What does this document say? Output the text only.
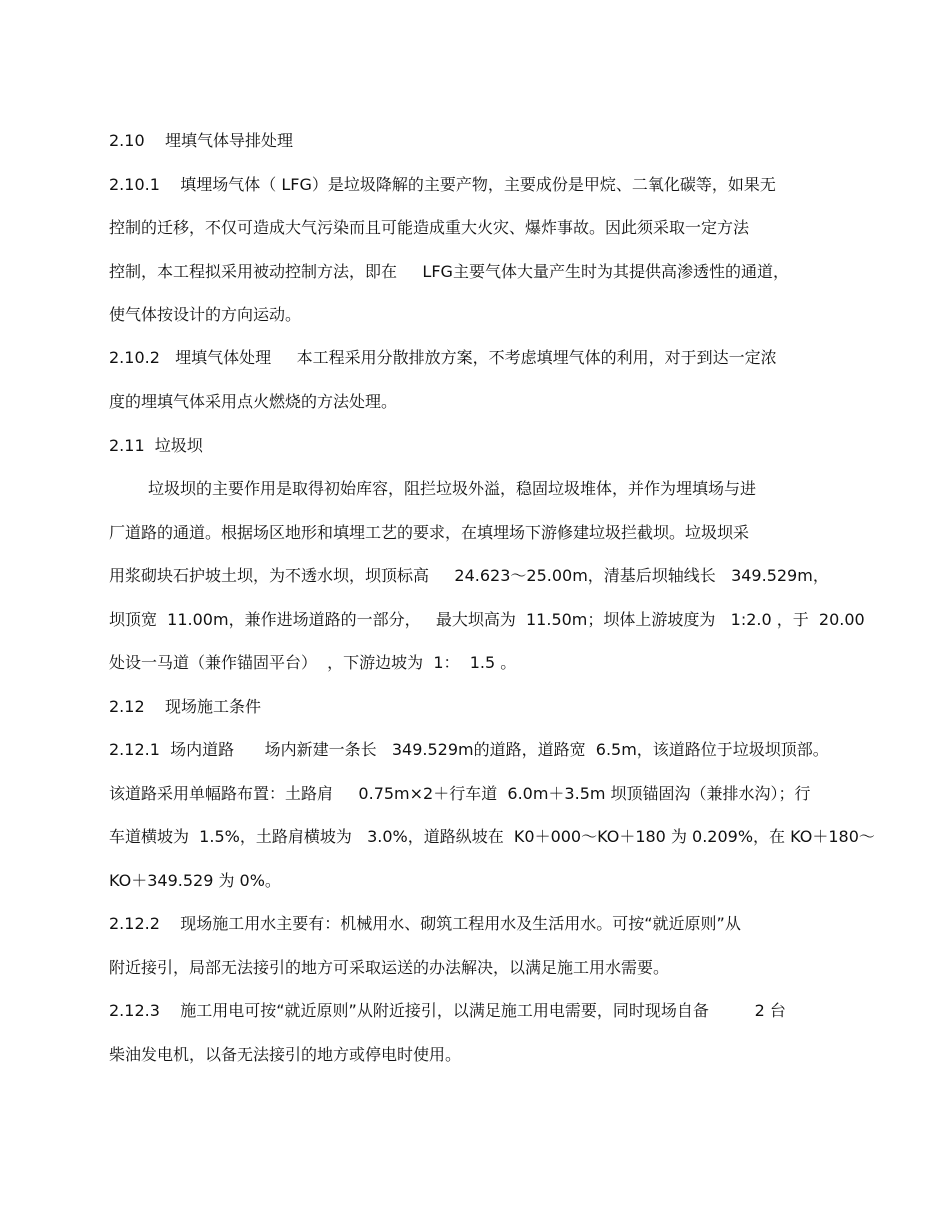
2.10    埋填气体导排处理
2.10.1    填埋场气体（ LFG）是垃圾降解的主要产物，主要成份是甲烷、二氧化碳等，如果无
控制的迁移，不仅可造成大气污染而且可能造成重大火灾、爆炸事故。因此须采取一定方法
控制，本工程拟采用被动控制方法，即在     LFG主要气体大量产生时为其提供高渗透性的通道，
使气体按设计的方向运动。
2.10.2   埋填气体处理     本工程采用分散排放方案，不考虑填埋气体的利用，对于到达一定浓
度的埋填气体采用点火燃烧的方法处理。
2.11  垃圾坝
垃圾坝的主要作用是取得初始库容，阻拦垃圾外溢，稳固垃圾堆体，并作为埋填场与进
厂道路的通道。根据场区地形和填埋工艺的要求，在填埋场下游修建垃圾拦截坝。垃圾坝采
用浆砌块石护坡土坝，为不透水坝，坝顶标高     24.623～25.00m，清基后坝轴线长   349.529m，
坝顶宽  11.00m，兼作进场道路的一部分，   最大坝高为  11.50m；坝体上游坡度为   1:2.0 ，于  20.00
处设一马道（兼作锚固平台）  ，下游边坡为  1：  1.5 。
2.12    现场施工条件
2.12.1  场内道路      场内新建一条长   349.529m的道路，道路宽  6.5m，该道路位于垃圾坝顶部。
该道路采用单幅路布置：土路肩     0.75m×2＋行车道  6.0m＋3.5m 坝顶锚固沟（兼排水沟）；行
车道横坡为  1.5%，土路肩横坡为   3.0%，道路纵坡在  K0＋000～KO＋180 为 0.209%，在 KO＋180～
KO＋349.529 为 0%。
2.12.2    现场施工用水主要有：机械用水、砌筑工程用水及生活用水。可按“就近原则”从
附近接引，局部无法接引的地方可采取运送的办法解决，以满足施工用水需要。
2.12.3    施工用电可按“就近原则”从附近接引，以满足施工用电需要，同时现场自备         2 台
柴油发电机，以备无法接引的地方或停电时使用。
